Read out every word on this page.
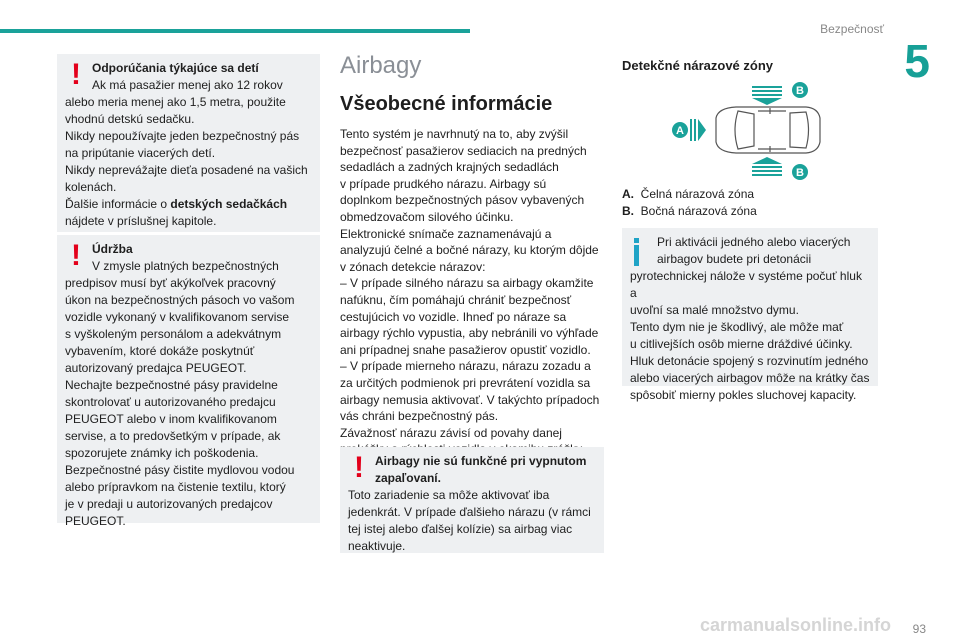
Bezpečnosť
5
! Odporúčania týkajúce sa detí

Ak má pasažier menej ako 12 rokov

alebo meria menej ako 1,5 metra, použite

vhodnú detskú sedačku.

Nikdy nepoužívajte jeden bezpečnostný pás

na pripútanie viacerých detí.

Nikdy neprevážajte dieťa posadené na vašich

kolenách.

Ďalšie informácie o detských sedačkách

nájdete v príslušnej kapitole.

! Údržba

V zmysle platných bezpečnostných

predpisov musí byť akýkoľvek pracovný

úkon na bezpečnostných pásoch vo vašom

vozidle vykonaný v kvalifikovanom servise

s vyškoleným personálom a adekvátnym

vybavením, ktoré dokáže poskytnúť

autorizovaný predajca PEUGEOT.

Nechajte bezpečnostné pásy pravidelne

skontrolovať u autorizovaného predajcu

PEUGEOT alebo v inom kvalifikovanom

servise, a to predovšetkým v prípade, ak

spozorujete známky ich poškodenia.

Bezpečnostné pásy čistite mydlovou vodou

alebo prípravkom na čistenie textilu, ktorý

je v predaji u autorizovaných predajcov

PEUGEOT.

Airbagy
Všeobecné informácie

Tento systém je navrhnutý na to, aby zvýšil

bezpečnosť pasažierov sediacich na predných

sedadlách a zadných krajných sedadlách

v prípade prudkého nárazu. Airbagy sú

doplnkom bezpečnostných pásov vybavených

obmedzovačom silového účinku.

Elektronické snímače zaznamenávajú a

analyzujú čelné a bočné nárazy, ku ktorým dôjde

v zónach detekcie nárazov:

– V prípade silného nárazu sa airbagy okamžite

nafúknu, čím pomáhajú chrániť bezpečnosť

cestujúcich vo vozidle. Ihneď po náraze sa

airbagy rýchlo vypustia, aby nebránili vo výhľade

ani prípadnej snahe pasažierov opustiť vozidlo.

– V prípade mierneho nárazu, nárazu zozadu a

za určitých podmienok pri prevrátení vozidla sa

airbagy nemusia aktivovať. V takýchto prípadoch

vás chráni bezpečnostný pás.

Závažnosť nárazu závisí od povahy danej

! Airbagy nie sú funkčné pri vypnutom

zapaľovaní.

Toto zariadenie sa môže aktivovať iba

jedenkrát. V prípade ďalšieho nárazu (v rámci

tej istej alebo ďalšej kolízie) sa airbag viac

neaktivuje.

Detekčné nárazové zóny
A
B
B

A. Čelná nárazová zóna

B. Bočná nárazová zóna

Pri aktivácii jedného alebo viacerých

airbagov budete pri detonácii

pyrotechnickej nálože v systéme počuť hluk a

uvoľní sa malé množstvo dymu.

Tento dym nie je škodlivý, ale môže mať

u citlivejších osôb mierne dráždivé účinky.

Hluk detonácie spojený s rozvinutím jedného

alebo viacerých airbagov môže na krátky čas

spôsobiť mierny pokles sluchovej kapacity.

carmanualsonline.info 93
